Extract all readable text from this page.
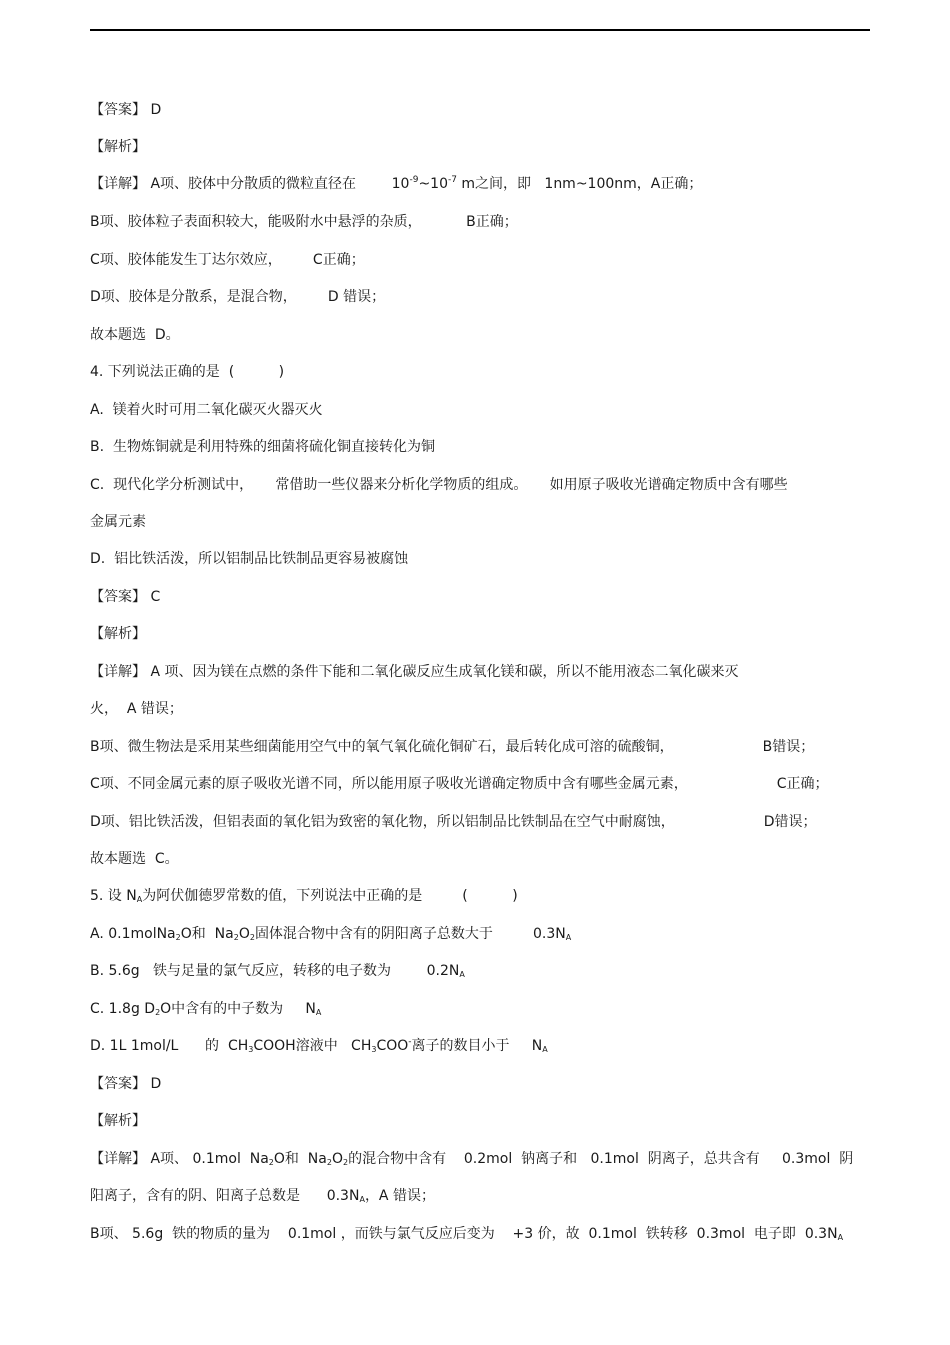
【答案】 D
【解析】
【详解】 A项、胶体中分散质的微粒直径在        $10^{-9}\sim 10^{-7}$ m之间，即   1nm~100nm，A正确；
B项、胶体粒子表面积较大，能吸附水中悬浮的杂质，          B正确；
C项、胶体能发生丁达尔效应，       C正确；
D项、胶体是分散系，是混合物，       D 错误；
故本题选  D。
4. 下列说法正确的是  (          )
A.  镁着火时可用二氧化碳灭火器灭火
B.  生物炼铜就是利用特殊的细菌将硫化铜直接转化为铜
C.  现代化学分析测试中，     常借助一些仪器来分析化学物质的组成。     如用原子吸收光谱确定物质中含有哪些
金属元素
D.  铝比铁活泼，所以铝制品比铁制品更容易被腐蚀
【答案】 C
【解析】
【详解】 A 项、因为镁在点燃的条件下能和二氧化碳反应生成氧化镁和碳，所以不能用液态二氧化碳来灭
火，  A 错误；
B项、微生物法是采用某些细菌能用空气中的氧气氧化硫化铜矿石，最后转化成可溶的硫酸铜，                    B错误；
C项、不同金属元素的原子吸收光谱不同，所以能用原子吸收光谱确定物质中含有哪些金属元素，                    C正确；
D项、铝比铁活泼，但铝表面的氧化铝为致密的氧化物，所以铝制品比铁制品在空气中耐腐蚀，                    D错误；
故本题选  C。
5. 设 $N_A$为阿伏伽德罗常数的值，下列说法中正确的是         (          )
A. 0.1molNa$_2$O和  $Na_2O_2$固体混合物中含有的阴阳离子总数大于         $0.3N_A$
B. 5.6g   铁与足量的氯气反应，转移的电子数为        $0.2N_A$
C. 1.8g $D_2O$中含有的中子数为     $N_A$
D. 1L 1mol/L      的  $CH_3COOH$溶液中   $CH_3COO^-$离子的数目小于     $N_A$
【答案】 D
【解析】
【详解】 A项、 0.1mol  $Na_2O$和  $Na_2O_2$的混合物中含有    0.2mol  钠离子和   0.1mol  阴离子，总共含有     0.3mol  阴
阳离子，含有的阴、阳离子总数是      $0.3N_A$，A 错误；
B项、 5.6g  铁的物质的量为    0.1mol ，而铁与氯气反应后变为    +3 价，故  0.1mol  铁转移  0.3mol  电子即  $0.3N_A$
